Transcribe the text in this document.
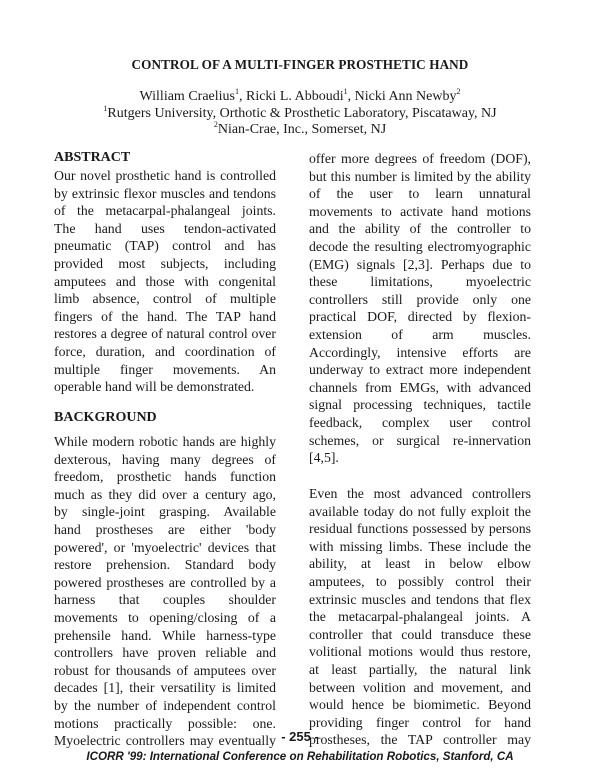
CONTROL OF A MULTI-FINGER PROSTHETIC HAND
William Craelius$^1$, Ricki L. Abboudi$^1$, Nicki Ann Newby$^2$
$^1$Rutgers University, Orthotic & Prosthetic Laboratory, Piscataway, NJ
$^2$Nian-Crae, Inc., Somerset, NJ
ABSTRACT
Our novel prosthetic hand is controlled
by extrinsic flexor muscles and tendons
of the metacarpal-phalangeal joints.
The hand uses tendon-activated
pneumatic (TAP) control and has
provided most subjects, including
amputees and those with congenital
limb absence, control of multiple
fingers of the hand. The TAP hand
restores a degree of natural control over
force, duration, and coordination of
multiple finger movements. An
operable hand will be demonstrated.
BACKGROUND
While modern robotic hands are highly
dexterous, having many degrees of
freedom, prosthetic hands function
much as they did over a century ago,
by single-joint grasping. Available
hand prostheses are either 'body
powered', or 'myoelectric' devices that
restore prehension. Standard body
powered prostheses are controlled by a
harness that couples shoulder
movements to opening/closing of a
prehensile hand. While harness-type
controllers have proven reliable and
robust for thousands of amputees over
decades [1], their versatility is limited
by the number of independent control
motions practically possible: one.
Myoelectric controllers may eventually
offer more degrees of freedom (DOF),
but this number is limited by the ability
of the user to learn unnatural
movements to activate hand motions
and the ability of the controller to
decode the resulting electromyographic
(EMG) signals [2,3]. Perhaps due to
these limitations, myoelectric
controllers still provide only one
practical DOF, directed by flexion-
extension of arm muscles.
Accordingly, intensive efforts are
underway to extract more independent
channels from EMGs, with advanced
signal processing techniques, tactile
feedback, complex user control
schemes, or surgical re-innervation
[4,5].
Even the most advanced controllers
available today do not fully exploit the
residual functions possessed by persons
with missing limbs. These include the
ability, at least in below elbow
amputees, to possibly control their
extrinsic muscles and tendons that flex
the metacarpal-phalangeal joints. A
controller that could transduce these
volitional motions would thus restore,
at least partially, the natural link
between volition and movement, and
would hence be biomimetic. Beyond
providing finger control for hand
prostheses, the TAP controller may
- 255 -
ICORR '99: International Conference on Rehabilitation Robotics, Stanford, CA
